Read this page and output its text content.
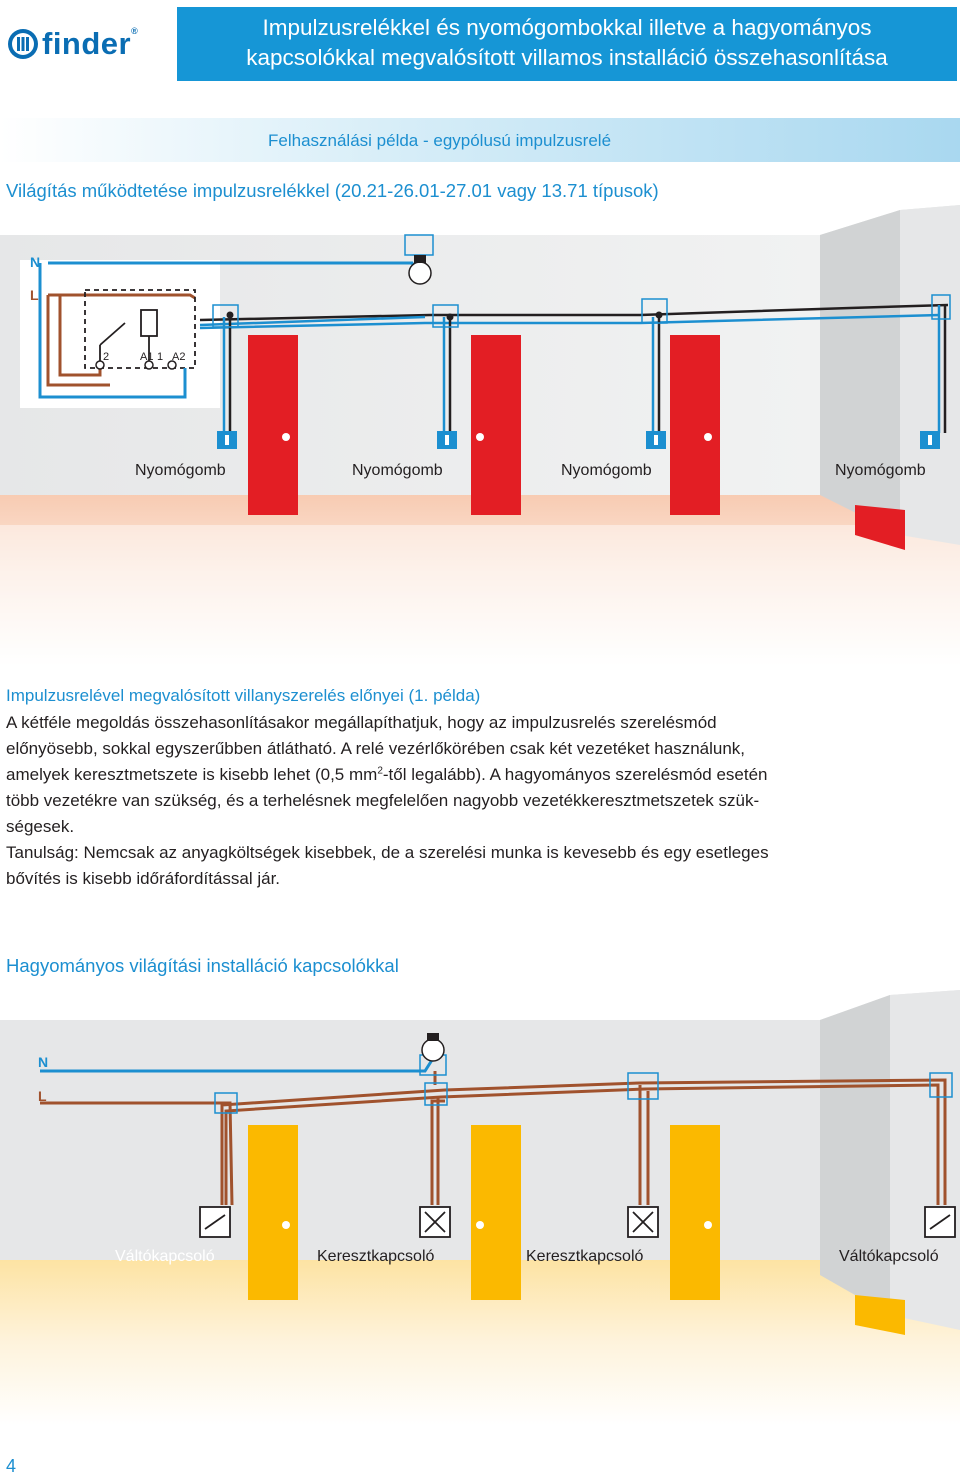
finder®	Impulzusrelékkel és nyomógombokkal illetve a hagyományos
kapcsolókkal megvalósított villamos installáció összehasonlítása
Felhasználási példa - egypólusú impulzusrelé
Világítás működtetése impulzusrelékkel (20.21-26.01-27.01 vagy 13.71 típusok)
N
L
2	A1 1 A2
Nyomógomb	Nyomógomb	Nyomógomb	Nyomógomb
Impulzusrelével megvalósított villanyszerelés előnyei (1. példa)
A kétféle megoldás összehasonlításakor megállapíthatjuk, hogy az impulzusrelés szerelésmód
előnyösebb, sokkal egyszerűbben átlátható. A relé vezérlőkörében csak két vezetéket használunk,
amelyek keresztmetszete is kisebb lehet (0,5 $mm^2$-től legalább). A hagyományos szerelésmód esetén
több vezetékre van szükség, és a terhelésnek megfelelően nagyobb vezetékkeresztmetszetek szük-
ségesek.
Tanulság: Nemcsak az anyagköltségek kisebbek, de a szerelési munka is kevesebb és egy esetleges
bővítés is kisebb időráfordítással jár.
Hagyományos világítási installáció kapcsolókkal
N
L
Váltókapcsoló	Keresztkapcsoló	Keresztkapcsoló	Váltókapcsoló
4
